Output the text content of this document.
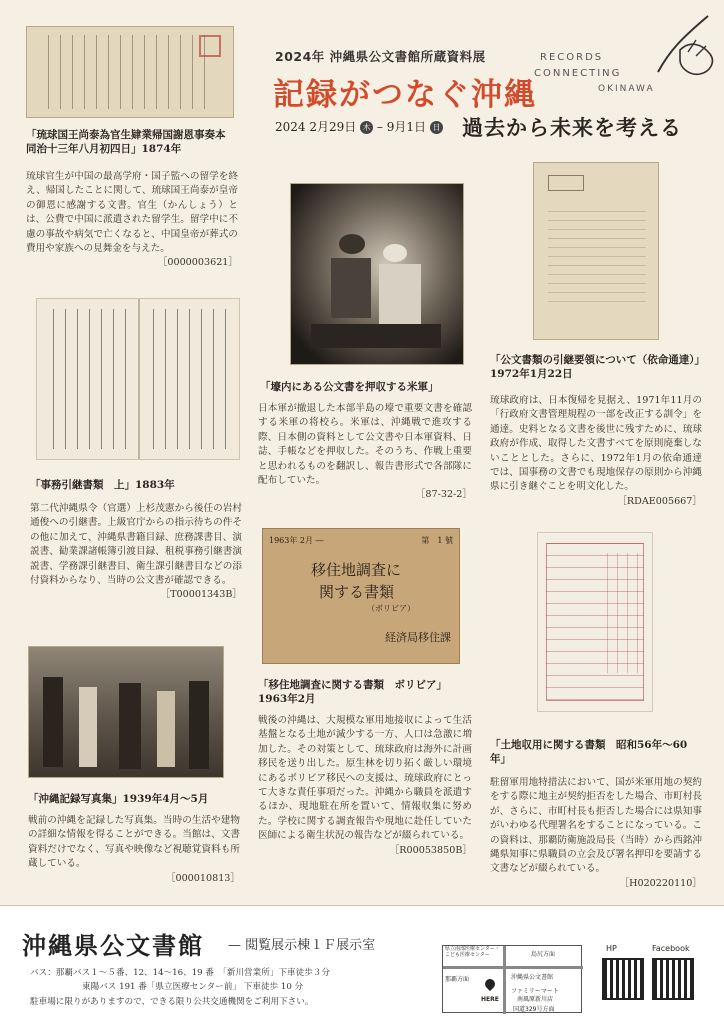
2024年 沖縄県公文書館所蔵資料展
記録がつなぐ沖縄
2024 2月29日 木 – 9月1日 日 過去から未来を考える
RECORDS
CONNECTING
OKINAWA
「琉球国王尚泰為官生肄業帰国謝恩事奏本　同治十三年八月初四日」1874年
琉球官生が中国の最高学府・国子監への留学を終え、帰国したことに関して、琉球国王尚泰が皇帝の御恩に感謝する文書。官生（かんしょう）とは、公費で中国に派遣された留学生。留学中に不慮の事故や病気で亡くなると、中国皇帝が葬式の費用や家族への見舞金を与えた。
［0000003621］
「壕内にある公文書を押収する米軍」
日本軍が撤退した本部半島の壕で重要文書を確認する米軍の将校ら。米軍は、沖縄戦で進攻する際、日本側の資料として公文書や日本軍資料、日誌、手帳などを押収した。そのうち、作戦上重要と思われるものを翻訳し、報告書形式で各部隊に配布していた。
［87-32-2］
「公文書類の引継要領について（依命通達）」1972年1月22日
琉球政府は、日本復帰を見据え、1971年11月の「行政府文書管理規程の一部を改正する訓令」を通達。史料となる文書を後世に残すために、琉球政府が作成、取得した文書すべてを原則廃棄しないこととした。さらに、1972年1月の依命通達では、国事務の文書でも現地保存の原則から沖縄県に引き継ぐことを明文化した。
［RDAE005667］
「事務引継書類　上」1883年
第二代沖縄県令（官選）上杉茂憲から後任の岩村通俊への引継書。上級官庁からの指示待ちの件その他に加えて、沖縄県書籍目録、庶務課書目、演説書、勧業課諸帳簿引渡目録、租税事務引継書演説書、学務課引継書目、衛生課引継書目などの添付資料からなり、当時の公文書が確認できる。
［T00001343B］
1963年 2月 ―	第　1 號
移住地調査に
関する書類
（ボリビア）
経済局移住課
「移住地調査に関する書類　ボリビア」1963年2月
戦後の沖縄は、大規模な軍用地接収によって生活基盤となる土地が減少する一方、人口は急激に増加した。その対策として、琉球政府は海外に計画移民を送り出した。原生林を切り拓く厳しい環境にあるボリビア移民への支援は、琉球政府にとって大きな責任事項だった。沖縄から職員を派遣するほか、現地駐在所を置いて、情報収集に努めた。学校に関する調査報告や現地に赴任していた医師による衛生状況の報告などが綴られている。
［R00053850B］
「沖縄記録写真集」1939年4月～5月
戦前の沖縄を記録した写真集。当時の生活や建物の詳細な情報を得ることができる。当館は、文書資料だけでなく、写真や映像など視聴覚資料も所蔵している。
［000010813］
「土地収用に関する書類　昭和56年～60年」
駐留軍用地特措法において、国が米軍用地の契約をする際に地主が契約拒否をした場合、市町村長が、さらに、市町村長も拒否した場合には県知事がいわゆる代理署名をすることになっている。この資料は、那覇防衛施設局長（当時）から西銘沖縄県知事に県職員の立会及び署名押印を要請する文書などが綴られている。
［H020220110］
沖縄県公文書館 — 閲覧展示棟１Ｆ展示室
バス：那覇バス１～５番、12、14～16、19 番　「新川営業所」下車徒歩３分
東陽バス 191 番「県立医療センター前」 下車徒歩 10 分
駐車場に限りがありますので、できる限り公共交通機関をご利用下さい。
県立南部医療センター・こども医療センター	島尻方面
沖縄県公文書館
那覇方面
HERE
ファミリーマート
南風原新川店
国道329号方面
HP	Facebook
